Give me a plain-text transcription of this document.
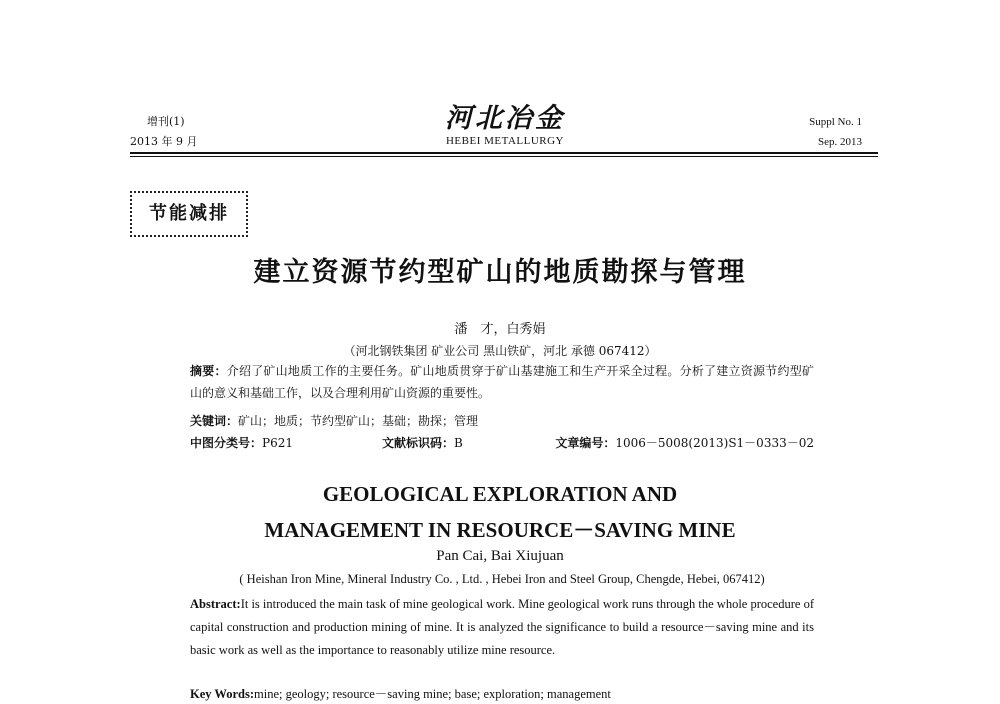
增刊(1)
2013 年 9 月
河北冶金
HEBEI METALLURGY
Suppl No. 1
Sep. 2013
节能减排
建立资源节约型矿山的地质勘探与管理
潘　才，白秀娟
（河北钢铁集团 矿业公司 黑山铁矿，河北 承德 067412）
摘要：介绍了矿山地质工作的主要任务。矿山地质贯穿于矿山基建施工和生产开采全过程。分析了建立资源节约型矿山的意义和基础工作，以及合理利用矿山资源的重要性。
关键词：矿山；地质；节约型矿山；基础；勘探；管理
中图分类号：P621	文献标识码：B	文章编号：1006－5008(2013)S1－0333－02
GEOLOGICAL EXPLORATION AND
MANAGEMENT IN RESOURCE－SAVING MINE
Pan Cai, Bai Xiujuan
( Heishan Iron Mine, Mineral Industry Co. , Ltd. , Hebei Iron and Steel Group, Chengde, Hebei, 067412)
Abstract:It is introduced the main task of mine geological work. Mine geological work runs through the whole procedure of capital construction and production mining of mine. It is analyzed the significance to build a resource－saving mine and its basic work as well as the importance to reasonably utilize mine resource.
Key Words:mine; geology; resource－saving mine; base; exploration; management
